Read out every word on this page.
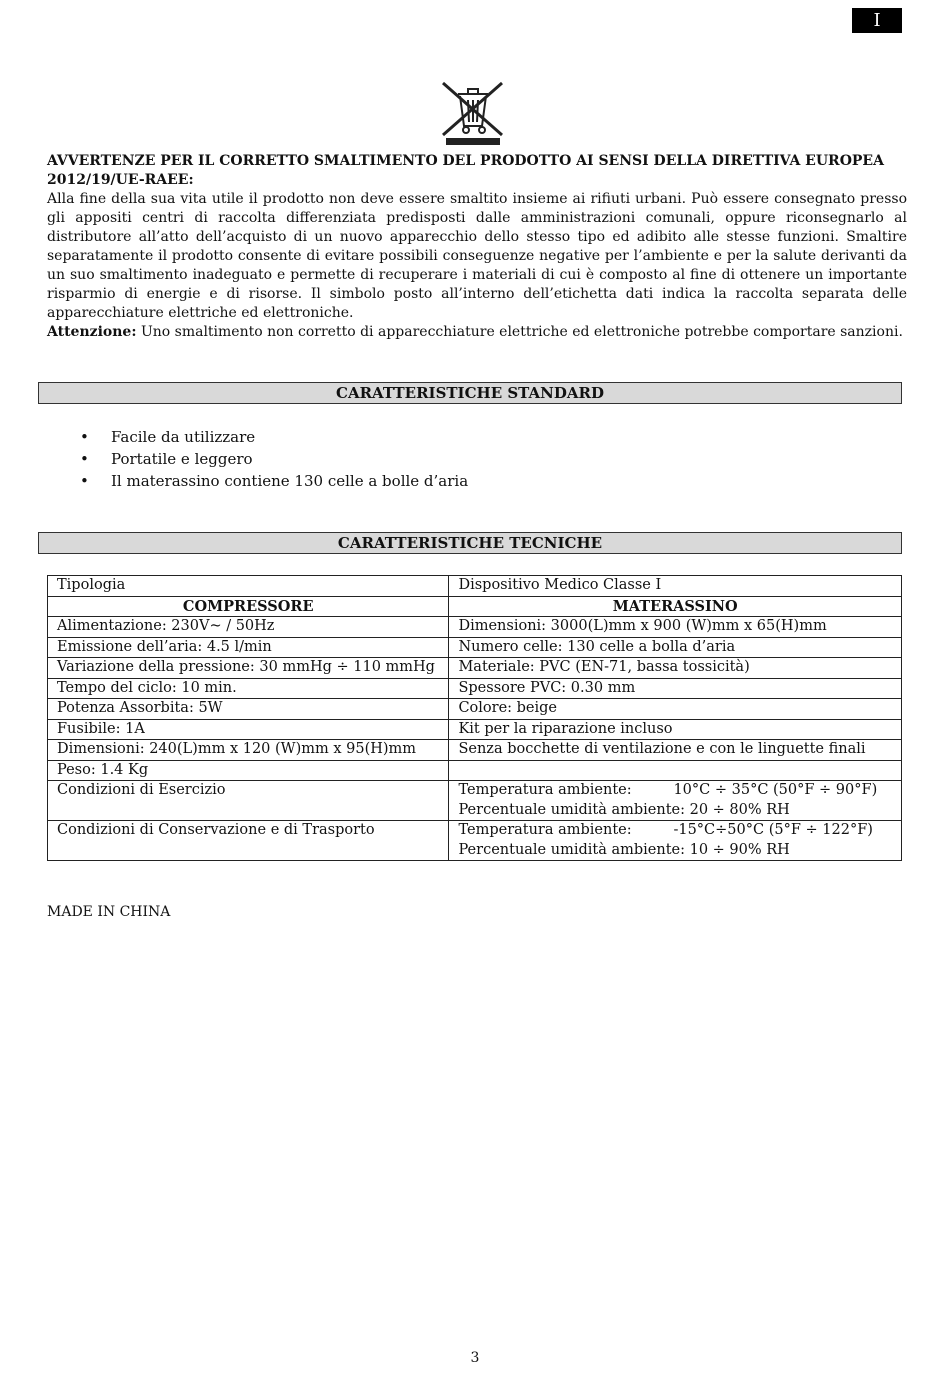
I
AVVERTENZE PER IL CORRETTO SMALTIMENTO DEL PRODOTTO AI SENSI DELLA DIRETTIVA EUROPEA 2012/19/UE-RAEE:
Alla fine della sua vita utile il prodotto non deve essere smaltito insieme ai rifiuti urbani. Può essere consegnato presso gli appositi centri di raccolta differenziata predisposti dalle amministrazioni comunali, oppure riconsegnarlo al distributore all’atto dell’acquisto di un nuovo apparecchio dello stesso tipo ed adibito alle stesse funzioni. Smaltire separatamente il prodotto consente di evitare possibili conseguenze negative per l’ambiente e per la salute derivanti da un suo smaltimento inadeguato e permette di recuperare i materiali di cui è composto al fine di ottenere un importante risparmio di energie e di risorse. Il simbolo posto all’interno dell’etichetta dati indica la raccolta separata delle apparecchiature elettriche ed elettroniche.
Attenzione: Uno smaltimento non corretto di apparecchiature elettriche ed elettroniche potrebbe comportare sanzioni.
CARATTERISTICHE STANDARD
• Facile da utilizzare
• Portatile e leggero
• Il materassino contiene 130 celle a bolle d’aria
CARATTERISTICHE TECNICHE
Tipologia	Dispositivo Medico Classe I
COMPRESSORE	MATERASSINO
Alimentazione: 230V~ / 50Hz	Dimensioni: 3000(L)mm x 900 (W)mm x 65(H)mm
Emissione dell’aria: 4.5 l/min	Numero celle: 130 celle a bolla d’aria
Variazione della pressione: 30 mmHg ÷ 110 mmHg	Materiale: PVC (EN-71, bassa tossicità)
Tempo del ciclo: 10 min.	Spessore PVC: 0.30 mm
Potenza Assorbita: 5W	Colore: beige
Fusibile: 1A	Kit per la riparazione incluso
Dimensioni: 240(L)mm x 120 (W)mm x 95(H)mm	Senza bocchette di ventilazione e con le linguette finali
Peso: 1.4 Kg	
Condizioni di Esercizio	Temperatura ambiente: 10°C ÷ 35°C (50°F ÷ 90°F)
Percentuale umidità ambiente: 20 ÷ 80% RH

Condizioni di Conservazione e di Trasporto	Temperatura ambiente: -15°C÷50°C (5°F ÷ 122°F)
Percentuale umidità ambiente: 10 ÷ 90% RH
MADE IN CHINA
3
